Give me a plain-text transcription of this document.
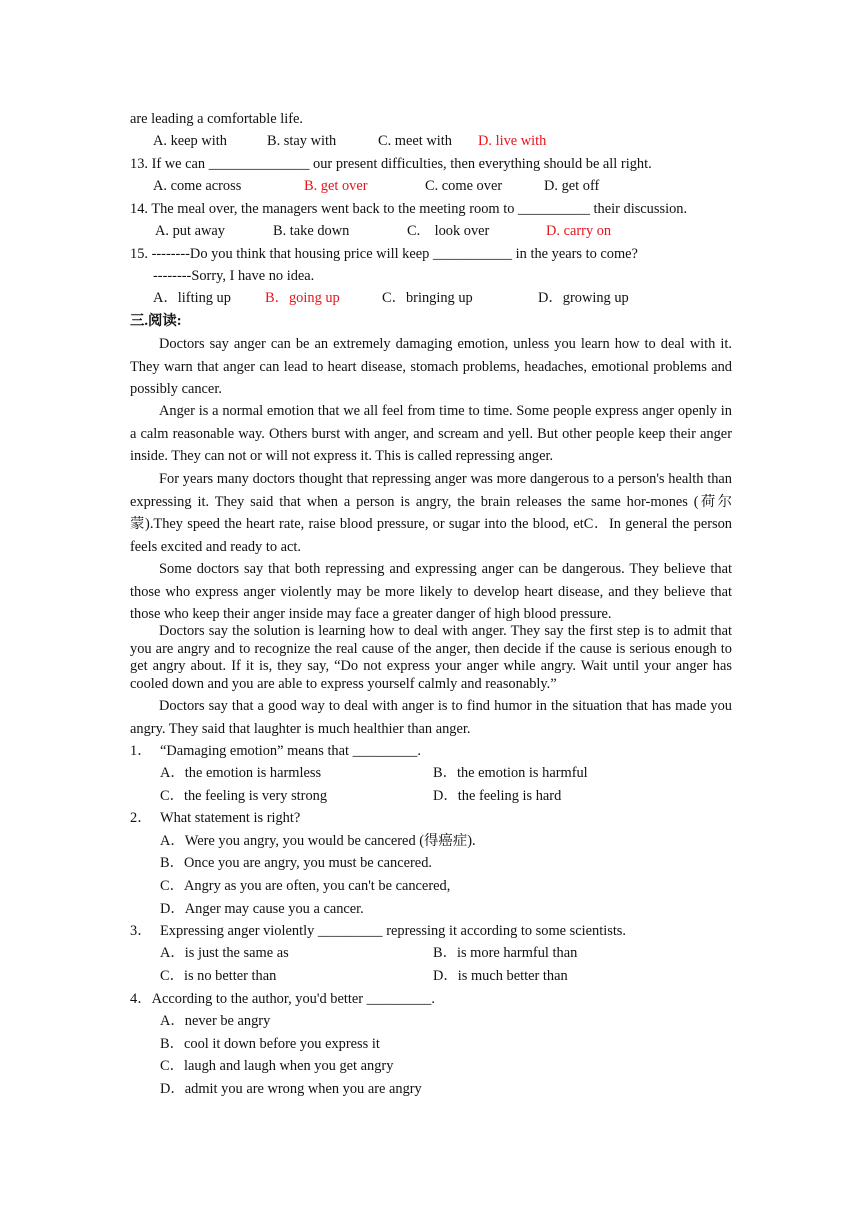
are leading a comfortable life.
A. keep with	B. stay with	C. meet with D. live with
13. If we can ______________ our present difficulties, then everything should be all right.
A. come across	B. get over	C. come over	D. get off
14. The meal over, the managers went back to the meeting room to __________ their discussion.
A. put away	B. take down	C.    look over	D. carry on
15. --------Do you think that housing price will keep ___________ in the years to come?
--------Sorry, I have no idea.
A．lifting up B．going up	C．bringing up	D．growing up
三.阅读:

Doctors say anger can be an extremely damaging emotion, unless you learn how to deal with it. They warn that anger can lead to heart disease, stomach problems, headaches, emotional problems and possibly cancer.

Anger is a normal emotion that we all feel from time to time. Some people express anger openly in a calm reasonable way. Others burst with anger, and scream and yell. But other people keep their anger inside. They can not or will not express it. This is called repressing anger.

For years many doctors thought that repressing anger was more dangerous to a person's health than expressing it. They said that when a person is angry, the brain releases the same hor-mones (荷尔蒙).They speed the heart rate, raise blood pressure, or sugar into the blood, etC．In general the person feels excited and ready to act.

Some doctors say that both repressing and expressing anger can be dangerous. They believe that those who express anger violently may be more likely to develop heart disease, and they believe that those who keep their anger inside may face a greater danger of high blood pressure.

Doctors say the solution is learning how to deal with anger. They say the first step is to admit that you are angry and to recognize the real cause of the anger, then decide if the cause is serious enough to get angry about. If it is, they say, “Do not express your anger while angry. Wait until your anger has cooled down and you are able to express yourself calmly and reasonably.”

Doctors say that a good way to deal with anger is to find humor in the situation that has made you angry. They said that laughter is much healthier than anger.

1． “Damaging emotion” means that _________.
A．the emotion is harmless	B．the emotion is harmful
C．the feeling is very strong	D．the feeling is hard
2． What statement is right?
A．Were you angry, you would be cancered (得癌症).
B．Once you are angry, you must be cancered.
C．Angry as you are often, you can't be cancered,
D．Anger may cause you a cancer.
3． Expressing anger violently _________ repressing it according to some scientists.
A．is just the same as	B．is more harmful than
C．is no better than	D．is much better than
4．According to the author, you'd better _________.
A．never be angry
B．cool it down before you express it
C．laugh and laugh when you get angry
D．admit you are wrong when you are angry
